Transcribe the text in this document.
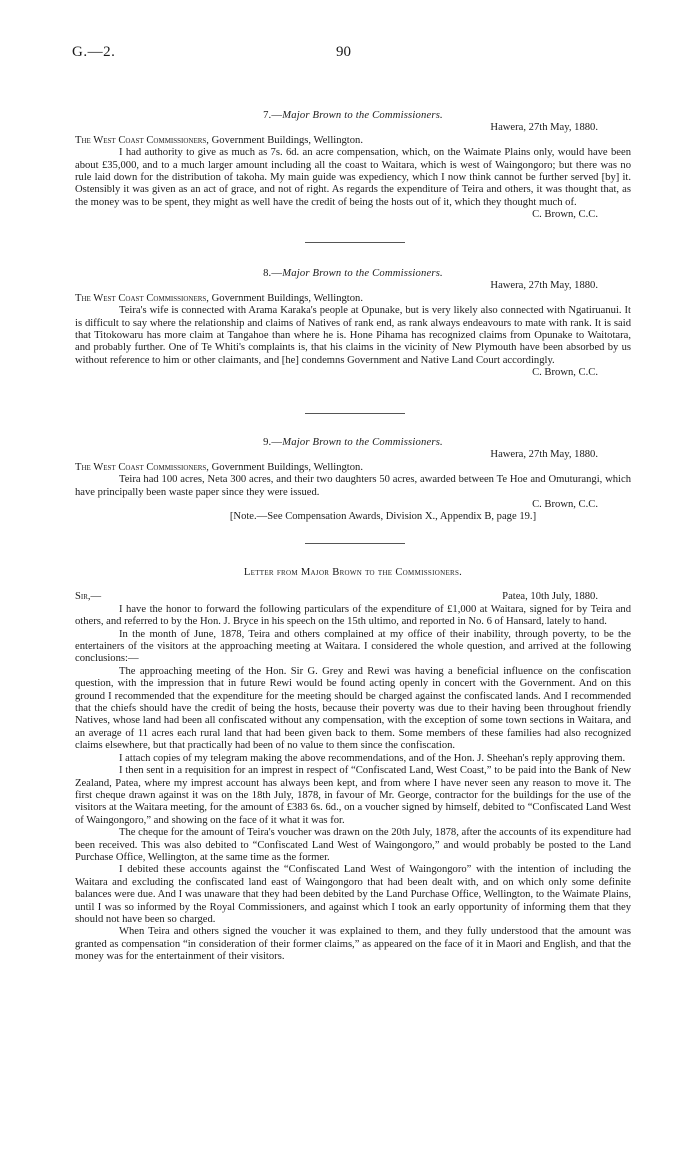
G.—2.	90
7.—Major Brown to the Commissioners.
Hawera, 27th May, 1880.
The West Coast Commissioners, Government Buildings, Wellington.

I had authority to give as much as 7s. 6d. an acre compensation, which, on the Waimate Plains only, would have been about £35,000, and to a much larger amount including all the coast to Waitara, which is west of Waingongoro; but there was no rule laid down for the distribution of takoha. My main guide was expediency, which I now think cannot be further served [by] it. Ostensibly it was given as an act of grace, and not of right. As regards the expenditure of Teira and others, it was thought that, as the money was to be spent, they might as well have the credit of being the hosts out of it, which they thought much of.

C. Brown, C.C.
8.—Major Brown to the Commissioners.
Hawera, 27th May, 1880.
The West Coast Commissioners, Government Buildings, Wellington.

Teira's wife is connected with Arama Karaka's people at Opunake, but is very likely also connected with Ngatiruanui. It is difficult to say where the relationship and claims of Natives of rank end, as rank always endeavours to mate with rank. It is said that Titokowaru has more claim at Tangahoe than where he is. Hone Pihama has recognized claims from Opunake to Waitotara, and probably further. One of Te Whiti's complaints is, that his claims in the vicinity of New Plymouth have been absorbed by us without reference to him or other claimants, and [he] condemns Government and Native Land Court accordingly.

C. Brown, C.C.
9.—Major Brown to the Commissioners.
Hawera, 27th May, 1880.
The West Coast Commissioners, Government Buildings, Wellington.

Teira had 100 acres, Neta 300 acres, and their two daughters 50 acres, awarded between Te Hoe and Omuturangi, which have principally been waste paper since they were issued.

C. Brown, C.C.
[Note.—See Compensation Awards, Division X., Appendix B, page 19.]
Letter from Major Brown to the Commissioners.
Sir,—	Patea, 10th July, 1880.

I have the honor to forward the following particulars of the expenditure of £1,000 at Waitara, signed for by Teira and others, and referred to by the Hon. J. Bryce in his speech on the 15th ultimo, and reported in No. 6 of Hansard, lately to hand.

In the month of June, 1878, Teira and others complained at my office of their inability, through poverty, to be the entertainers of the visitors at the approaching meeting at Waitara. I considered the whole question, and arrived at the following conclusions:—

The approaching meeting of the Hon. Sir G. Grey and Rewi was having a beneficial influence on the confiscation question, with the impression that in future Rewi would be found acting openly in concert with the Government. And on this ground I recommended that the expenditure for the meeting should be charged against the confiscated lands. And I recommended that the chiefs should have the credit of being the hosts, because their poverty was due to their having been throughout friendly Natives, whose land had been all confiscated without any compensation, with the exception of some town sections in Waitara, and an average of 11 acres each rural land that had been given back to them. Some members of these families had also recognized claims elsewhere, but that practically had been of no value to them since the confiscation.

I attach copies of my telegram making the above recommendations, and of the Hon. J. Sheehan's reply approving them.

I then sent in a requisition for an imprest in respect of “Confiscated Land, West Coast,” to be paid into the Bank of New Zealand, Patea, where my imprest account has always been kept, and from where I have never seen any reason to move it. The first cheque drawn against it was on the 18th July, 1878, in favour of Mr. George, contractor for the buildings for the use of the visitors at the Waitara meeting, for the amount of £383 6s. 6d., on a voucher signed by himself, debited to “Confiscated Land West of Waingongoro,” and showing on the face of it what it was for.

The cheque for the amount of Teira's voucher was drawn on the 20th July, 1878, after the accounts of its expenditure had been received. This was also debited to “Confiscated Land West of Waingongoro,” and would probably be posted to the Land Purchase Office, Wellington, at the same time as the former.

I debited these accounts against the “Confiscated Land West of Waingongoro” with the intention of including the Waitara and excluding the confiscated land east of Waingongoro that had been dealt with, and on which only some definite balances were due. And I was unaware that they had been debited by the Land Purchase Office, Wellington, to the Waimate Plains, until I was so informed by the Royal Commissioners, and against which I took an early opportunity of informing them that they should not have been so charged.

When Teira and others signed the voucher it was explained to them, and they fully understood that the amount was granted as compensation “in consideration of their former claims,” as appeared on the face of it in Maori and English, and that the money was for the entertainment of their visitors.
